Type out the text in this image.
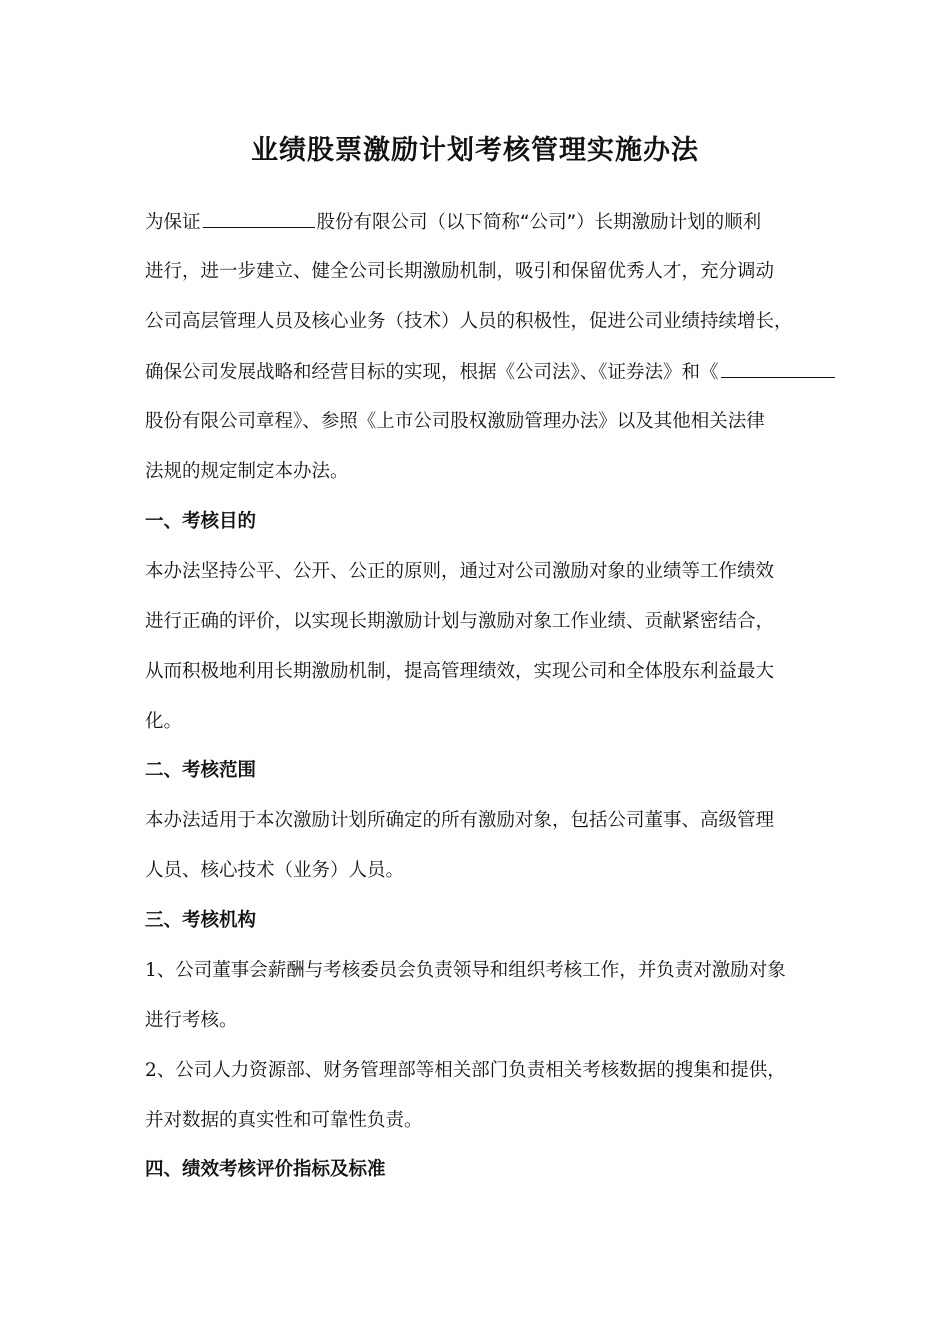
业绩股票激励计划考核管理实施办法
为保证	股份有限公司（以下简称“公司”）长期激励计划的顺利
进行，进一步建立、健全公司长期激励机制，吸引和保留优秀人才，充分调动
公司高层管理人员及核心业务（技术）人员的积极性，促进公司业绩持续增长，
确保公司发展战略和经营目标的实现，根据《公司法》、《证券法》和《
股份有限公司章程》、参照《上市公司股权激励管理办法》以及其他相关法律
法规的规定制定本办法。
一、考核目的
本办法坚持公平、公开、公正的原则，通过对公司激励对象的业绩等工作绩效
进行正确的评价，以实现长期激励计划与激励对象工作业绩、贡献紧密结合，
从而积极地利用长期激励机制，提高管理绩效，实现公司和全体股东利益最大
化。
二、考核范围
本办法适用于本次激励计划所确定的所有激励对象，包括公司董事、高级管理
人员、核心技术（业务）人员。
三、考核机构
1、公司董事会薪酬与考核委员会负责领导和组织考核工作，并负责对激励对象
进行考核。
2、公司人力资源部、财务管理部等相关部门负责相关考核数据的搜集和提供，
并对数据的真实性和可靠性负责。
四、绩效考核评价指标及标准
